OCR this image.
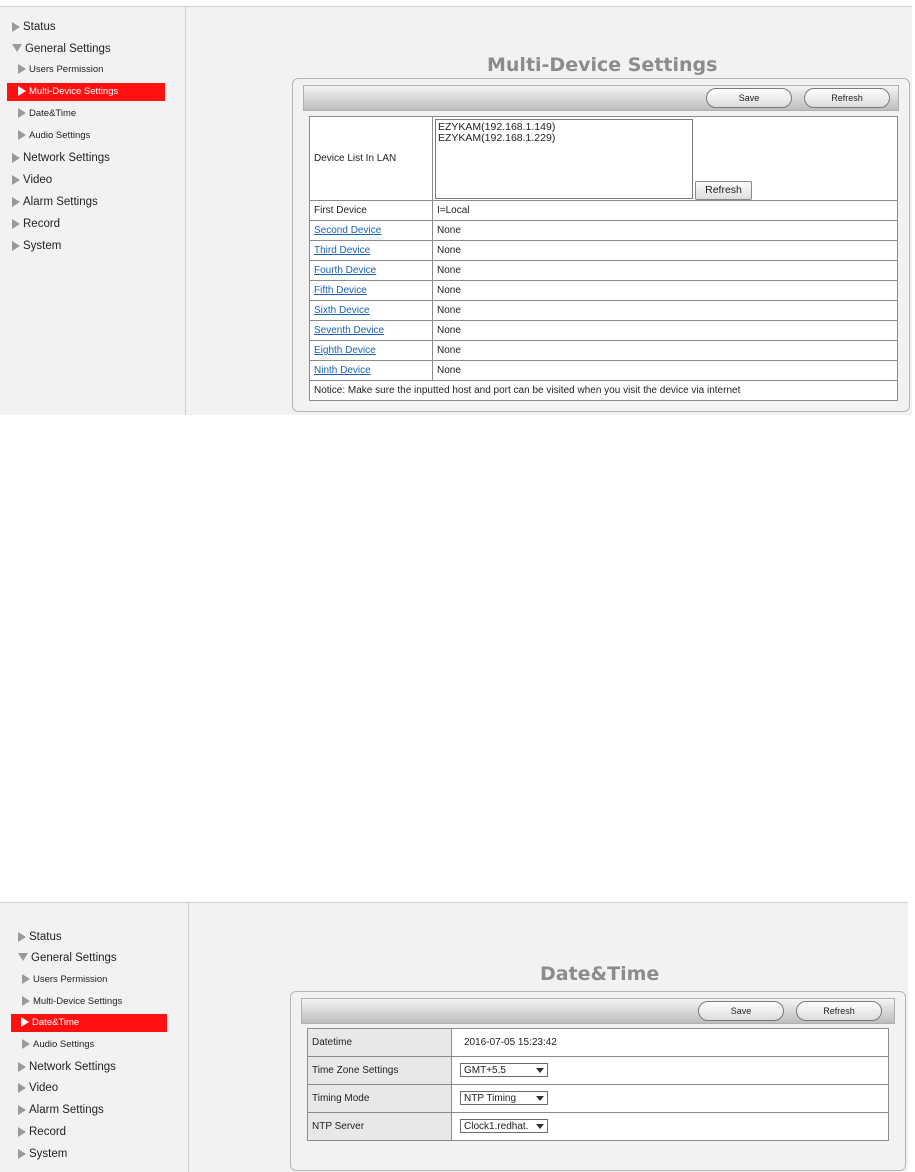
Status
General Settings
Users Permission
Multi-Device Settings
Date&Time
Audio Settings
Network Settings
Video
Alarm Settings
Record
System
Multi-Device Settings
Save	Refresh
Device List In LAN	EZYKAM(192.168.1.149)
EZYKAM(192.168.1.229)
Refresh

First Device	I=Local
Second Device	None
Third Device	None
Fourth Device	None
Fifth Device	None
Sixth Device	None
Seventh Device	None
Eighth Device	None
Ninth Device	None
Notice: Make sure the inputted host and port can be visited when you visit the device via internet	
Status
General Settings
Users Permission
Multi-Device Settings
Date&Time
Audio Settings
Network Settings
Video
Alarm Settings
Record
System
Date&Time
Save	Refresh
Datetime	2016-07-05 15:23:42
Time Zone Settings	GMT+5.5

Timing Mode	NTP Timing

NTP Server	Clock1.redhat.
